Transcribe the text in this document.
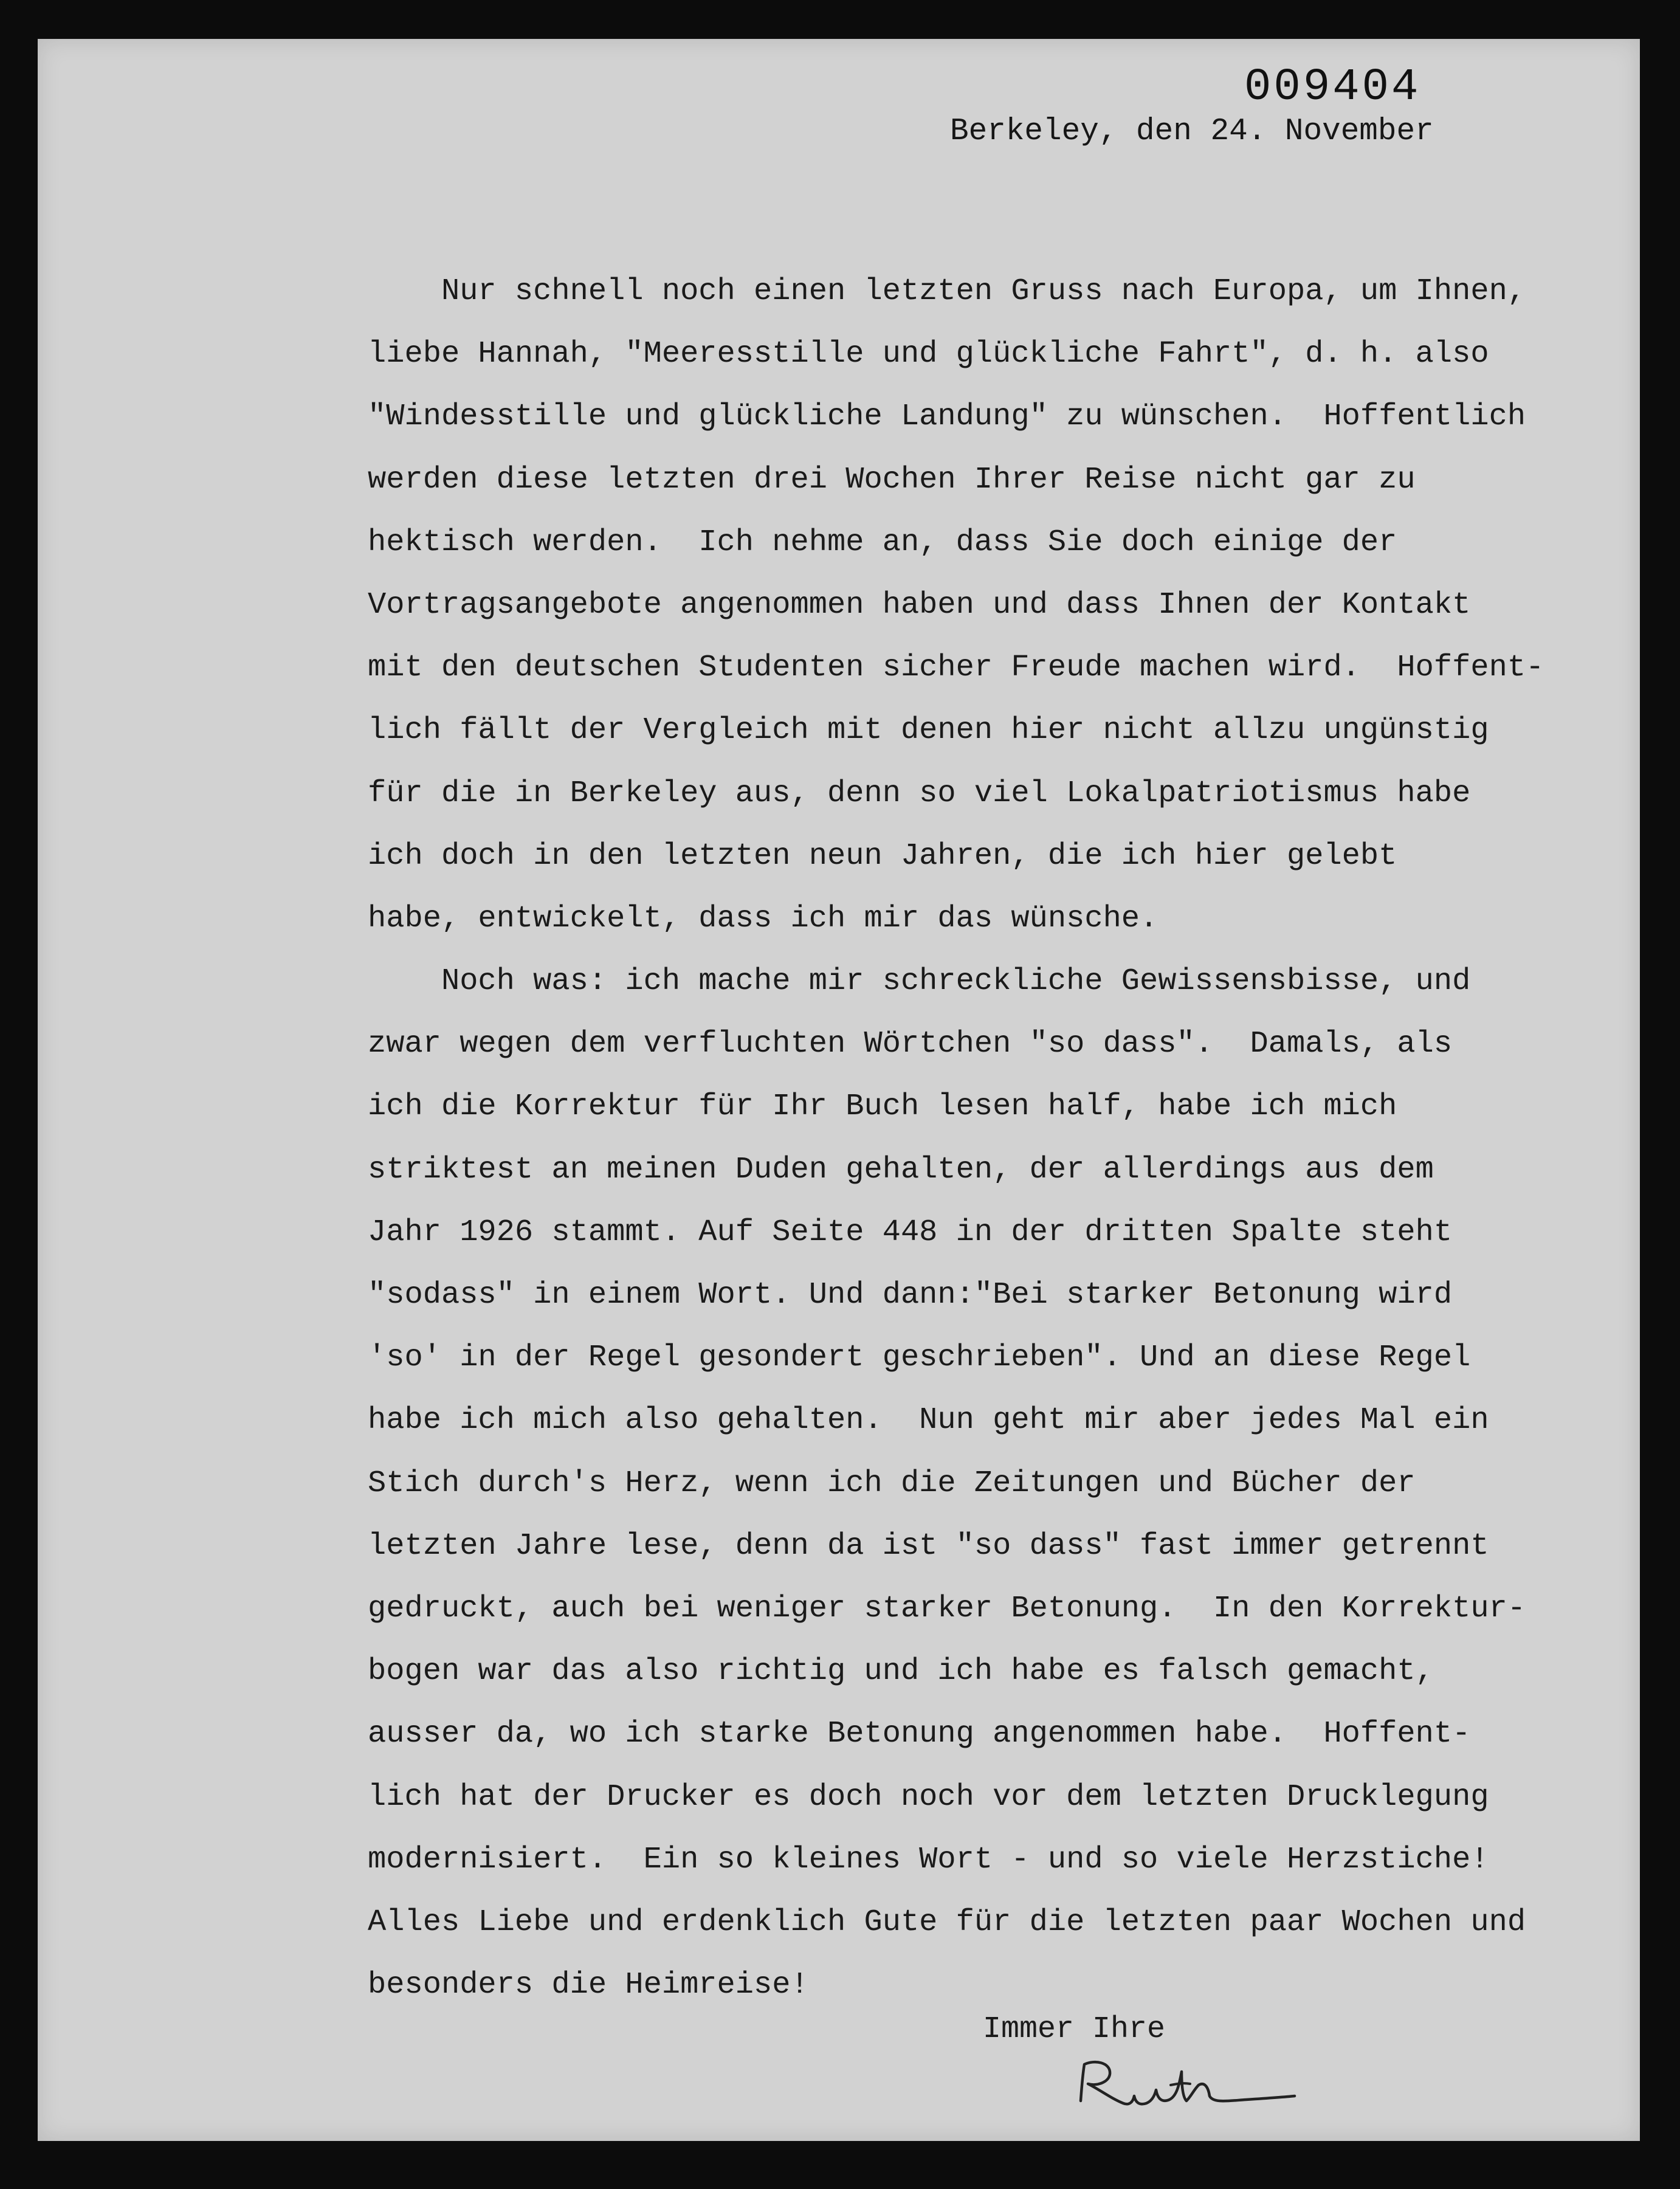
009404
Berkeley, den 24. November
Nur schnell noch einen letzten Gruss nach Europa, um Ihnen,
liebe Hannah, "Meeresstille und glückliche Fahrt", d. h. also
"Windesstille und glückliche Landung" zu wünschen.  Hoffentlich
werden diese letzten drei Wochen Ihrer Reise nicht gar zu
hektisch werden.  Ich nehme an, dass Sie doch einige der
Vortragsangebote angenommen haben und dass Ihnen der Kontakt
mit den deutschen Studenten sicher Freude machen wird.  Hoffent-
lich fällt der Vergleich mit denen hier nicht allzu ungünstig
für die in Berkeley aus, denn so viel Lokalpatriotismus habe
ich doch in den letzten neun Jahren, die ich hier gelebt
habe, entwickelt, dass ich mir das wünsche.
Noch was: ich mache mir schreckliche Gewissensbisse, und
zwar wegen dem verfluchten Wörtchen "so dass".  Damals, als
ich die Korrektur für Ihr Buch lesen half, habe ich mich
striktest an meinen Duden gehalten, der allerdings aus dem
Jahr 1926 stammt. Auf Seite 448 in der dritten Spalte steht
"sodass" in einem Wort. Und dann:"Bei starker Betonung wird
'so' in der Regel gesondert geschrieben". Und an diese Regel
habe ich mich also gehalten.  Nun geht mir aber jedes Mal ein
Stich durch's Herz, wenn ich die Zeitungen und Bücher der
letzten Jahre lese, denn da ist "so dass" fast immer getrennt
gedruckt, auch bei weniger starker Betonung.  In den Korrektur-
bogen war das also richtig und ich habe es falsch gemacht,
ausser da, wo ich starke Betonung angenommen habe.  Hoffent-
lich hat der Drucker es doch noch vor dem letzten Drucklegung
modernisiert.  Ein so kleines Wort - und so viele Herzstiche!
Alles Liebe und erdenklich Gute für die letzten paar Wochen und
besonders die Heimreise!
Immer Ihre
